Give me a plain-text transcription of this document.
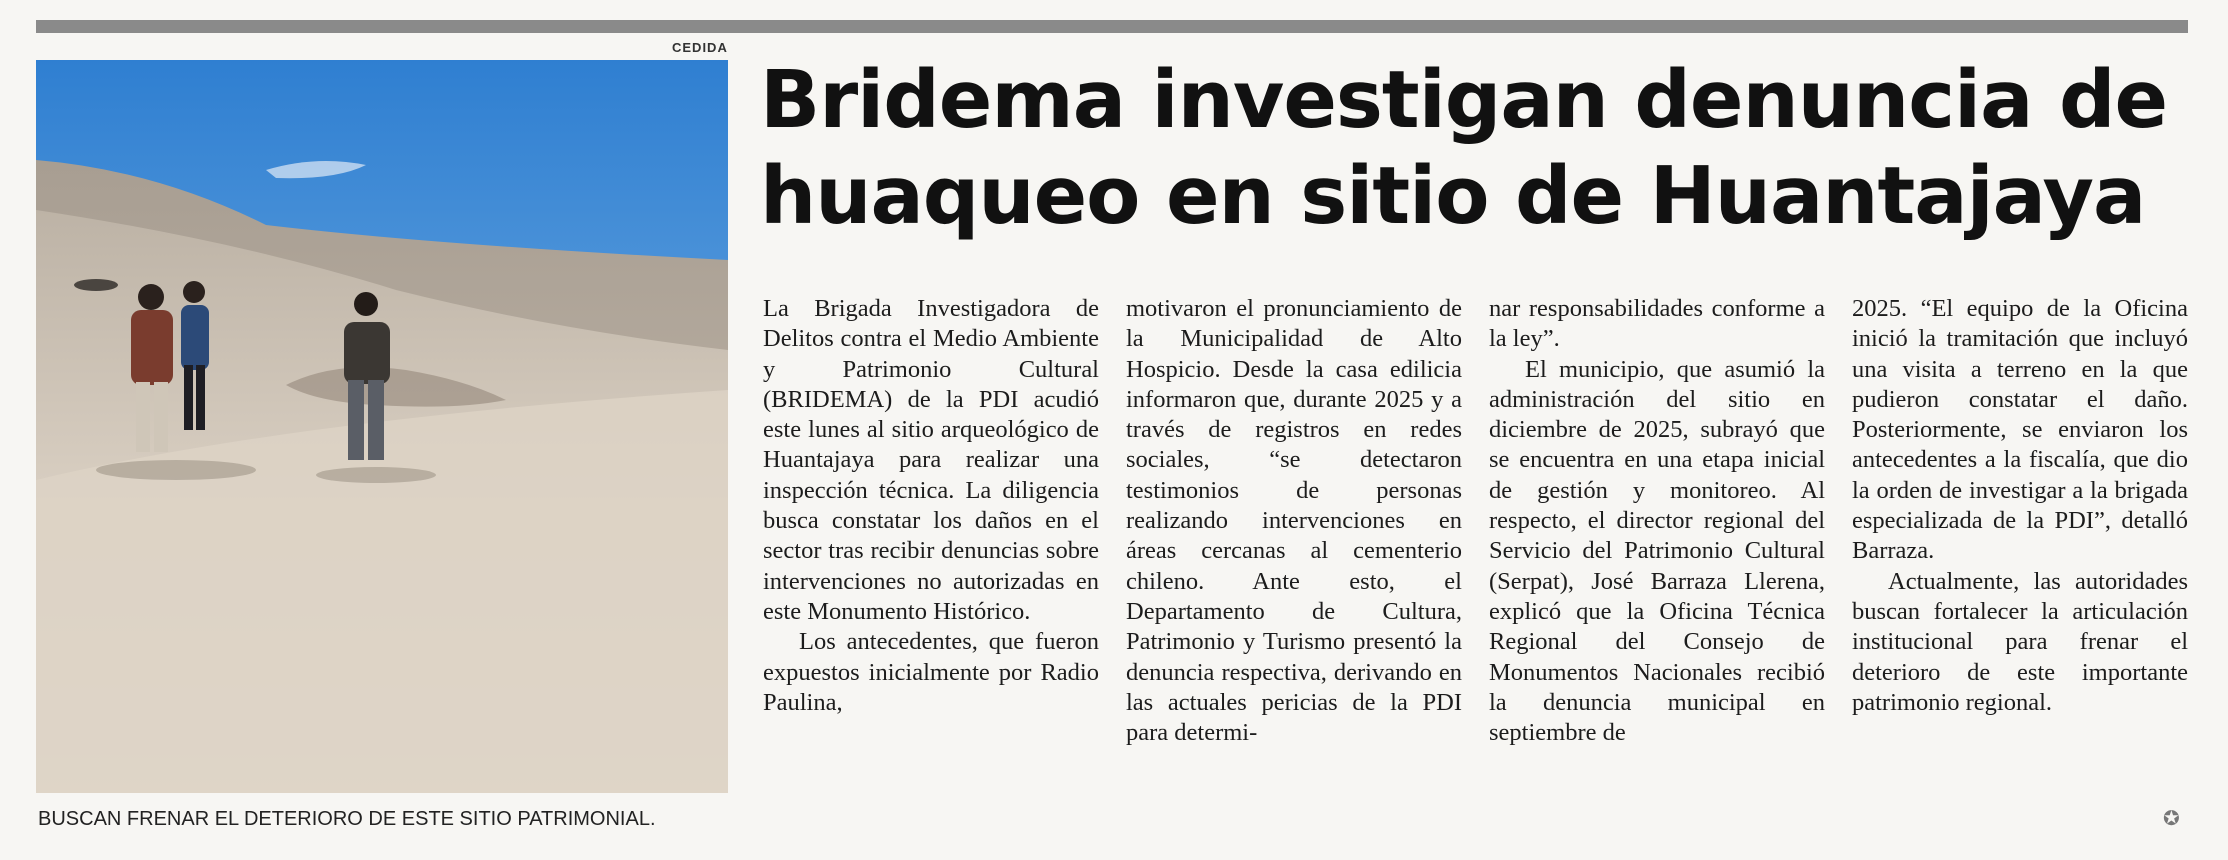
CEDIDA
BUSCAN FRENAR EL DETERIORO DE ESTE SITIO PATRIMONIAL.
Bridema investigan denuncia de
huaqueo en sitio de Huantajaya

La Brigada Investigadora de Delitos contra el Medio Ambiente y Patrimonio Cultural (BRIDEMA) de la PDI acudió este lunes al sitio arqueológico de Huantajaya para realizar una inspección técnica. La diligencia busca constatar los daños en el sector tras recibir denuncias sobre intervenciones no autorizadas en este Monumento Histórico.

Los antecedentes, que fueron expuestos inicialmente por Radio Paulina,

motivaron el pronunciamiento de la Municipalidad de Alto Hospicio. Desde la casa edilicia informaron que, durante 2025 y a través de registros en redes sociales, “se detectaron testimonios de personas realizando intervenciones en áreas cercanas al cementerio chileno. Ante esto, el Departamento de Cultura, Patrimonio y Turismo presentó la denuncia respectiva, derivando en las actuales pericias de la PDI para determi-

nar responsabilidades conforme a la ley”.

El municipio, que asumió la administración del sitio en diciembre de 2025, subrayó que se encuentra en una etapa inicial de gestión y monitoreo. Al respecto, el director regional del Servicio del Patrimonio Cultural (Serpat), José Barraza Llerena, explicó que la Oficina Técnica Regional del Consejo de Monumentos Nacionales recibió la denuncia municipal en septiembre de

2025. “El equipo de la Oficina inició la tramitación que incluyó una visita a terreno en la que pudieron constatar el daño. Posteriormente, se enviaron los antecedentes a la fiscalía, que dio la orden de investigar a la brigada especializada de la PDI”, detalló Barraza.

Actualmente, las autoridades buscan fortalecer la articulación institucional para frenar el deterioro de este importante patrimonio regional.

✪
